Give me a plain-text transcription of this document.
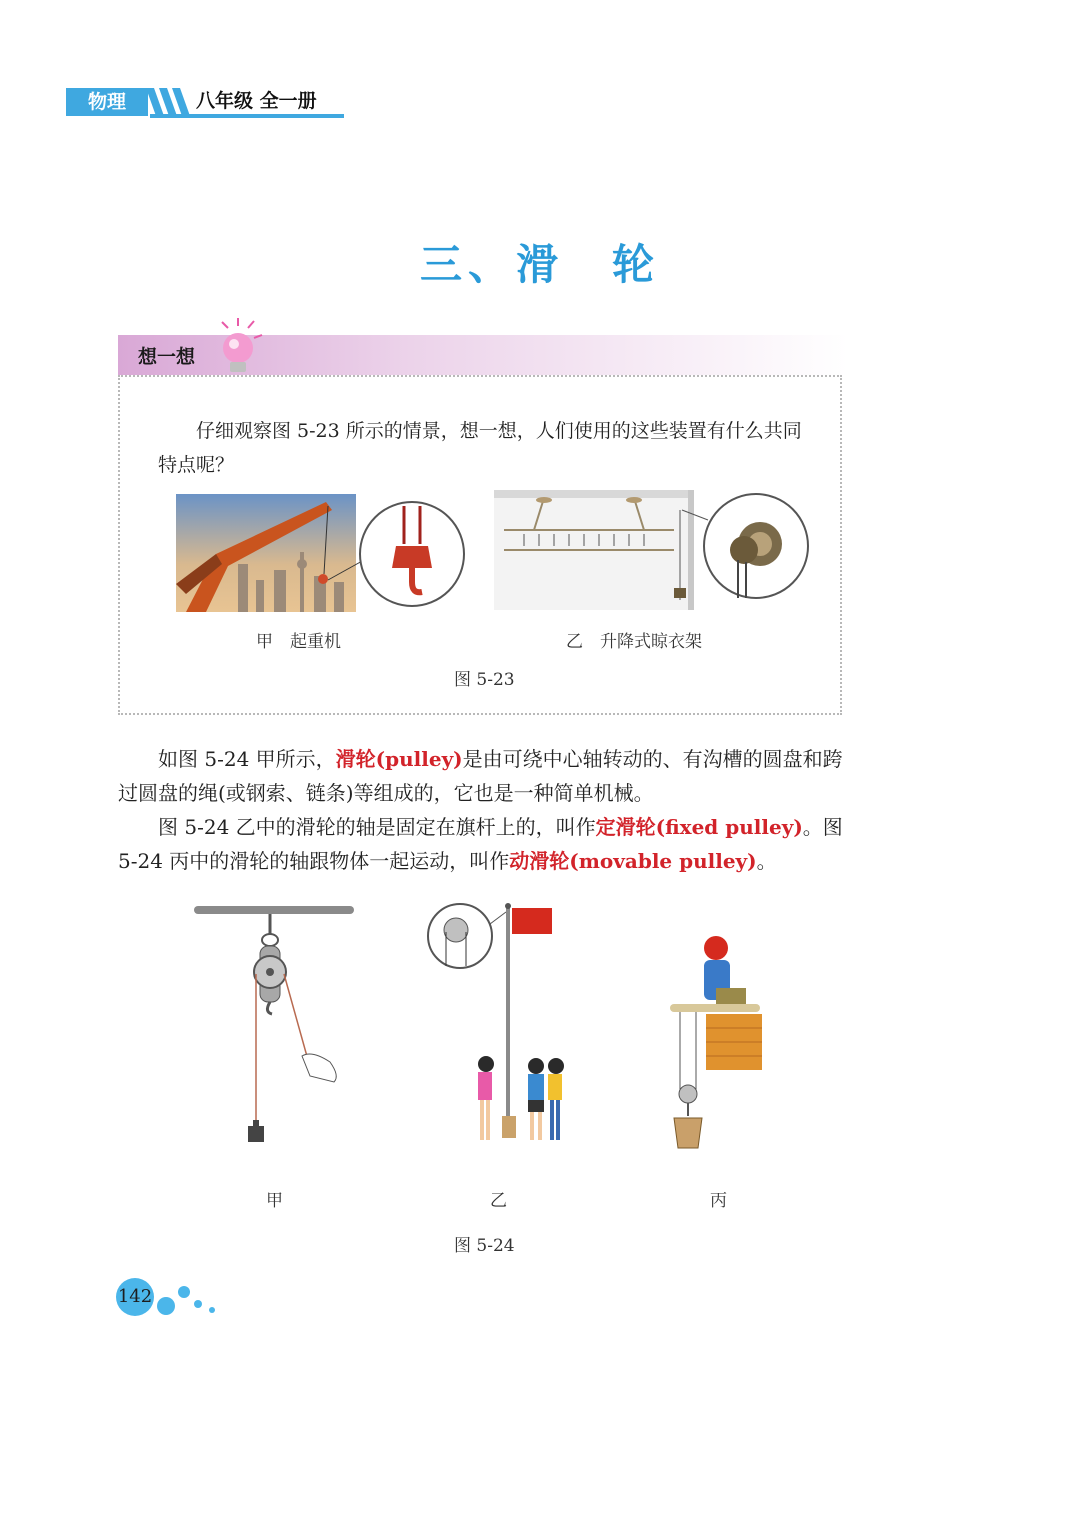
物理	八年级 全一册
三、滑　轮
想一想
仔细观察图 5-23 所示的情景，想一想，人们使用的这些装置有什么共同特点呢？
甲　起重机	乙　升降式晾衣架
图 5-23

如图 5-24 甲所示，滑轮(pulley)是由可绕中心轴转动的、有沟槽的圆盘和跨过圆盘的绳(或钢索、链条)等组成的，它也是一种简单机械。

图 5-24 乙中的滑轮的轴是固定在旗杆上的，叫作定滑轮(fixed pulley)。图 5-24 丙中的滑轮的轴跟物体一起运动，叫作动滑轮(movable pulley)。

甲	乙	丙
图 5-24
142
